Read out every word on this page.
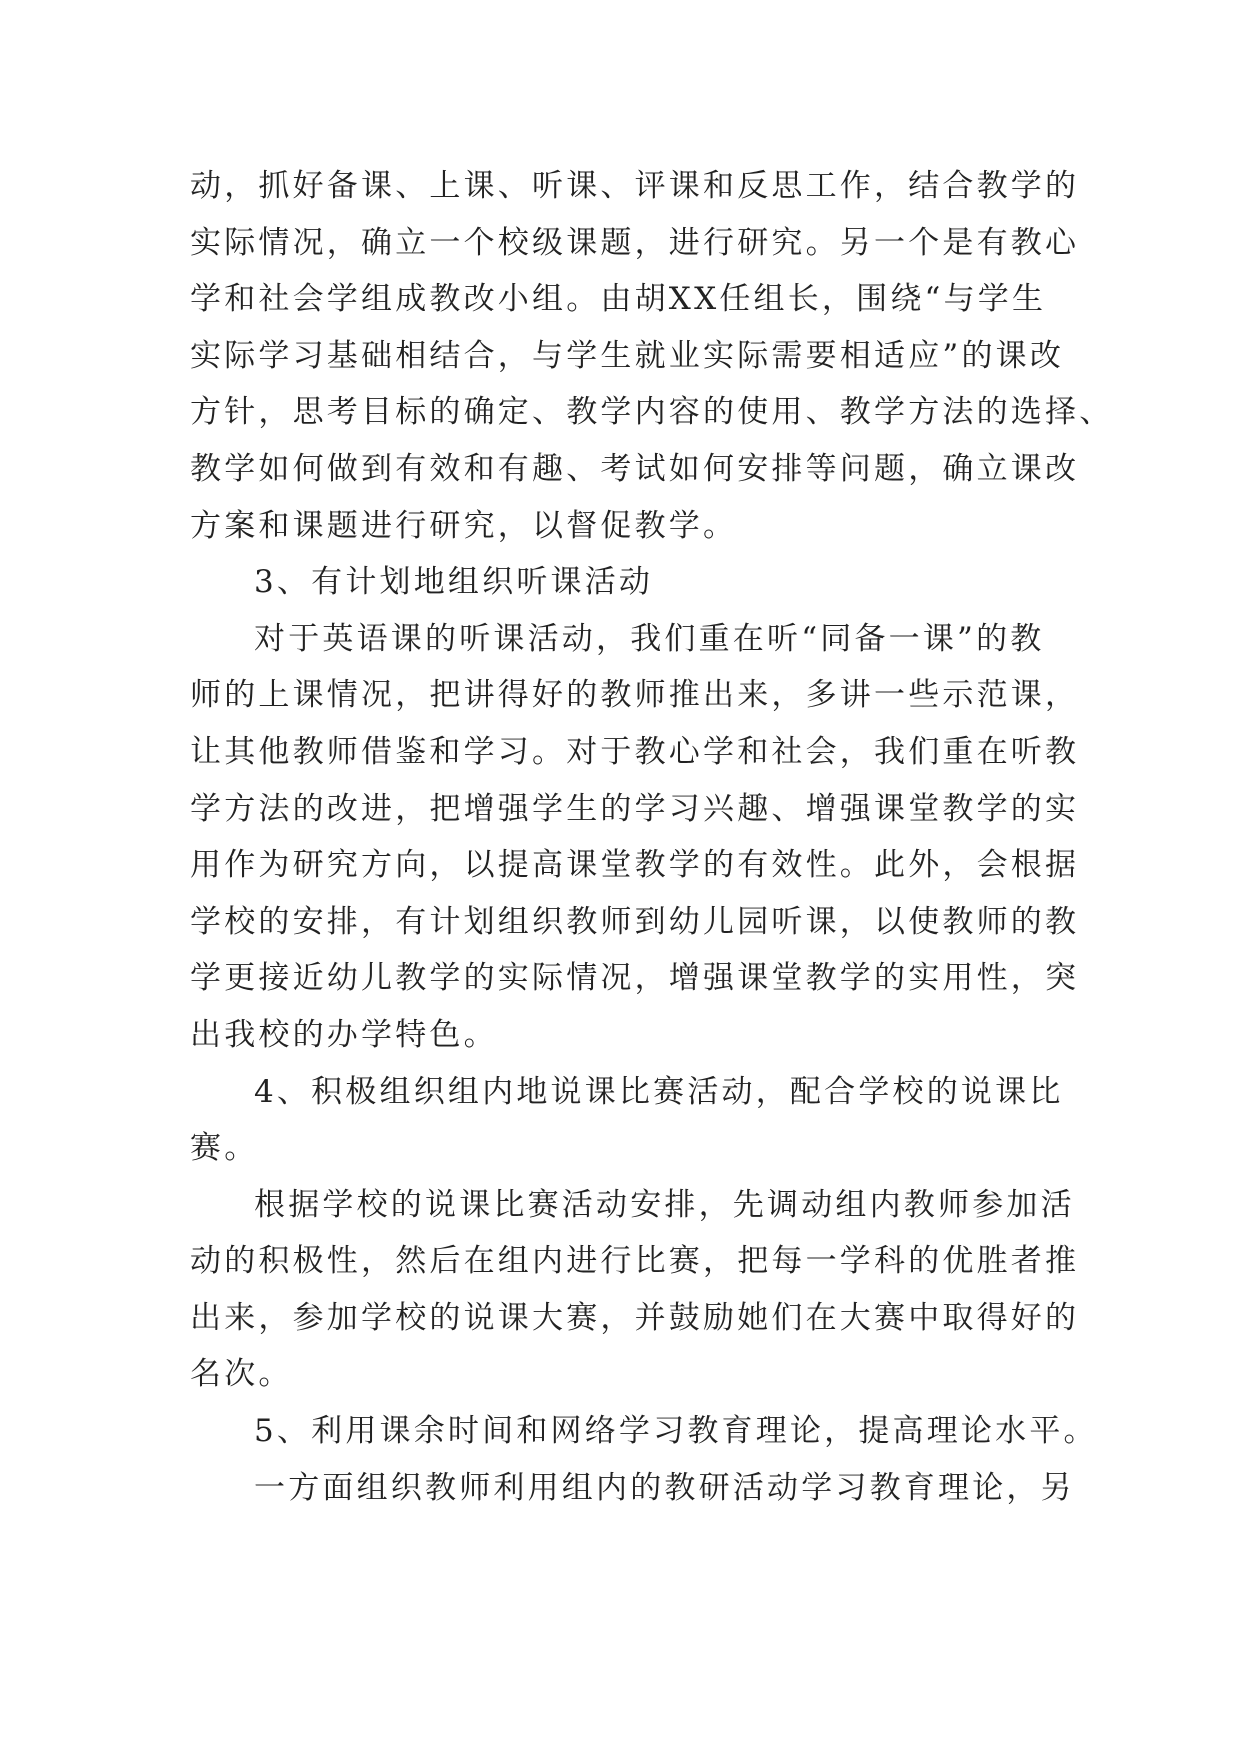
动，抓好备课、上课、听课、评课和反思工作，结合教学的
实际情况，确立一个校级课题，进行研究。另一个是有教心
学和社会学组成教改小组。由胡XX任组长，围绕“与学生
实际学习基础相结合，与学生就业实际需要相适应”的课改
方针，思考目标的确定、教学内容的使用、教学方法的选择、
教学如何做到有效和有趣、考试如何安排等问题，确立课改
方案和课题进行研究，以督促教学。
3、有计划地组织听课活动
对于英语课的听课活动，我们重在听“同备一课”的教
师的上课情况，把讲得好的教师推出来，多讲一些示范课，
让其他教师借鉴和学习。对于教心学和社会，我们重在听教
学方法的改进，把增强学生的学习兴趣、增强课堂教学的实
用作为研究方向，以提高课堂教学的有效性。此外，会根据
学校的安排，有计划组织教师到幼儿园听课，以使教师的教
学更接近幼儿教学的实际情况，增强课堂教学的实用性，突
出我校的办学特色。
4、积极组织组内地说课比赛活动，配合学校的说课比
赛。
根据学校的说课比赛活动安排，先调动组内教师参加活
动的积极性，然后在组内进行比赛，把每一学科的优胜者推
出来，参加学校的说课大赛，并鼓励她们在大赛中取得好的
名次。
5、利用课余时间和网络学习教育理论，提高理论水平。
一方面组织教师利用组内的教研活动学习教育理论，另
